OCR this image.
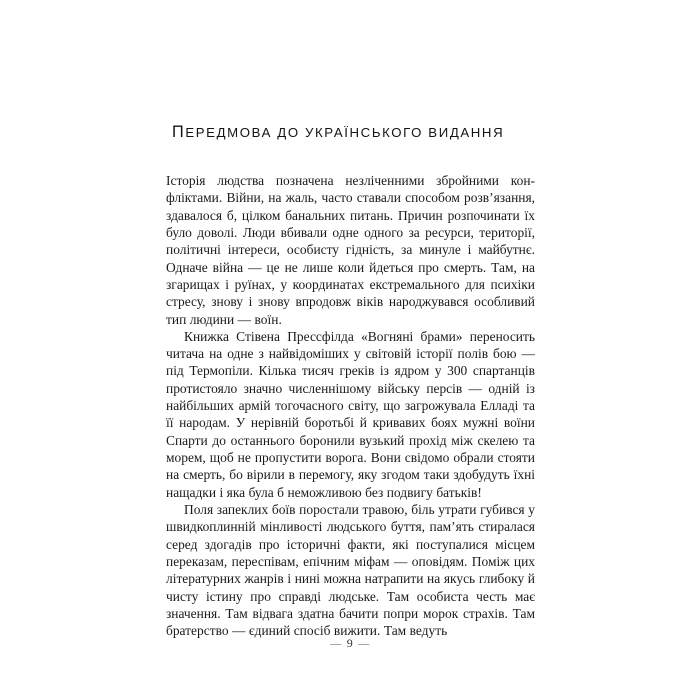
ПЕРЕДМОВА ДО УКРАЇНСЬКОГО ВИДАННЯ

Історія людства позначена незліченними збройними конфліктами. Війни, на жаль, часто ставали способом розв’язання, здавалося б, цілком банальних питань. Причин розпочинати їх було доволі. Люди вбивали одне одного за ресурси, території, політичні інтереси, особисту гідність, за минуле і майбутнє. Одначе війна — це не лише коли йдеться про смерть. Там, на згарищах і руїнах, у координатах екстремального для психіки стресу, знову і знову впродовж віків народжувався особливий тип людини — воїн.

Книжка Стівена Пресcфілда «Вогняні брами» переносить читача на одне з найвідоміших у світовій історії полів бою — під Термопіли. Кілька тисяч греків із ядром у 300 спартанців протистояло значно численнішому війську персів — одній із найбільших армій тогочасного світу, що загрожувала Елладі та її народам. У нерівній боротьбі й кривавих боях мужні воїни Спарти до останнього боронили вузький прохід між скелею та морем, щоб не пропустити ворога. Вони свідомо обрали стояти на смерть, бо вірили в перемогу, яку згодом таки здобудуть їхні нащадки і яка була б неможливою без подвигу батьків!

Поля запеклих боїв поростали травою, біль утрати губився у швидкоплинній мінливості людського буття, пам’ять стиралася серед здогадів про історичні факти, які поступалися місцем переказам, переспівам, епічним міфам — оповідям. Поміж цих літературних жанрів і нині можна натрапити на якусь глибоку й чисту істину про справді людське. Там особиста честь має значення. Там відвага здатна бачити попри морок страхів. Там братерство — єдиний спосіб вижити. Там ведуть

— 9 —
